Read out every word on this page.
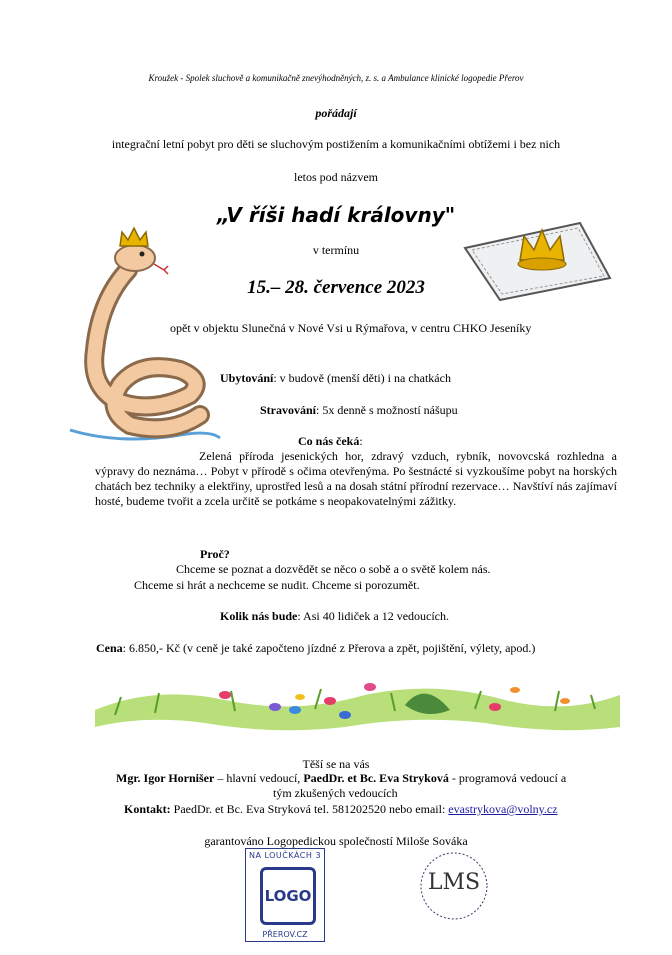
Kroužek - Spolek sluchově a komunikačně znevýhodněných, z. s. a Ambulance klinické logopedie Přerov
pořádají
integrační letní pobyt pro děti se sluchovým postižením a komunikačními obtížemi i bez nich
letos pod názvem
„V říši hadí královny"
v termínu
15.– 28. července 2023
opět v objektu Slunečná v Nové Vsi u Rýmařova, v centru CHKO Jeseníky
Ubytování: v budově (menší děti) i na chatkách
Stravování: 5x denně s možností nášupu
Co nás čeká:
Zelená příroda jesenických hor, zdravý vzduch, rybník, novovcská rozhledna a výpravy do neznáma… Pobyt v přírodě s očima otevřenýma. Po šestnácté si vyzkoušíme pobyt na horských chatách bez techniky a elektřiny, uprostřed lesů a na dosah státní přírodní rezervace… Navštíví nás zajímaví hosté, budeme tvořit a zcela určitě se potkáme s neopakovatelnými zážitky.
Proč?
Chceme se poznat a dozvědět se něco o sobě a o světě kolem nás.
Chceme si hrát a nechceme se nudit. Chceme si porozumět.
Kolik nás bude: Asi 40 lidiček a 12 vedoucích.
Cena: 6.850,- Kč (v ceně je také započteno jízdné z Přerova a zpět, pojištění, výlety, apod.)
Těší se na vás
Mgr. Igor Hornišer – hlavní vedoucí, PaedDr. et Bc. Eva Stryková - programová vedoucí a
tým zkušených vedoucích
Kontakt: PaedDr. et Bc. Eva Stryková tel. 581202520 nebo email: evastrykova@volny.cz
garantováno Logopedickou společností Miloše Sováka
NA LOUČKÁCH 3
LOGO
PŘEROV.CZ
LMS
